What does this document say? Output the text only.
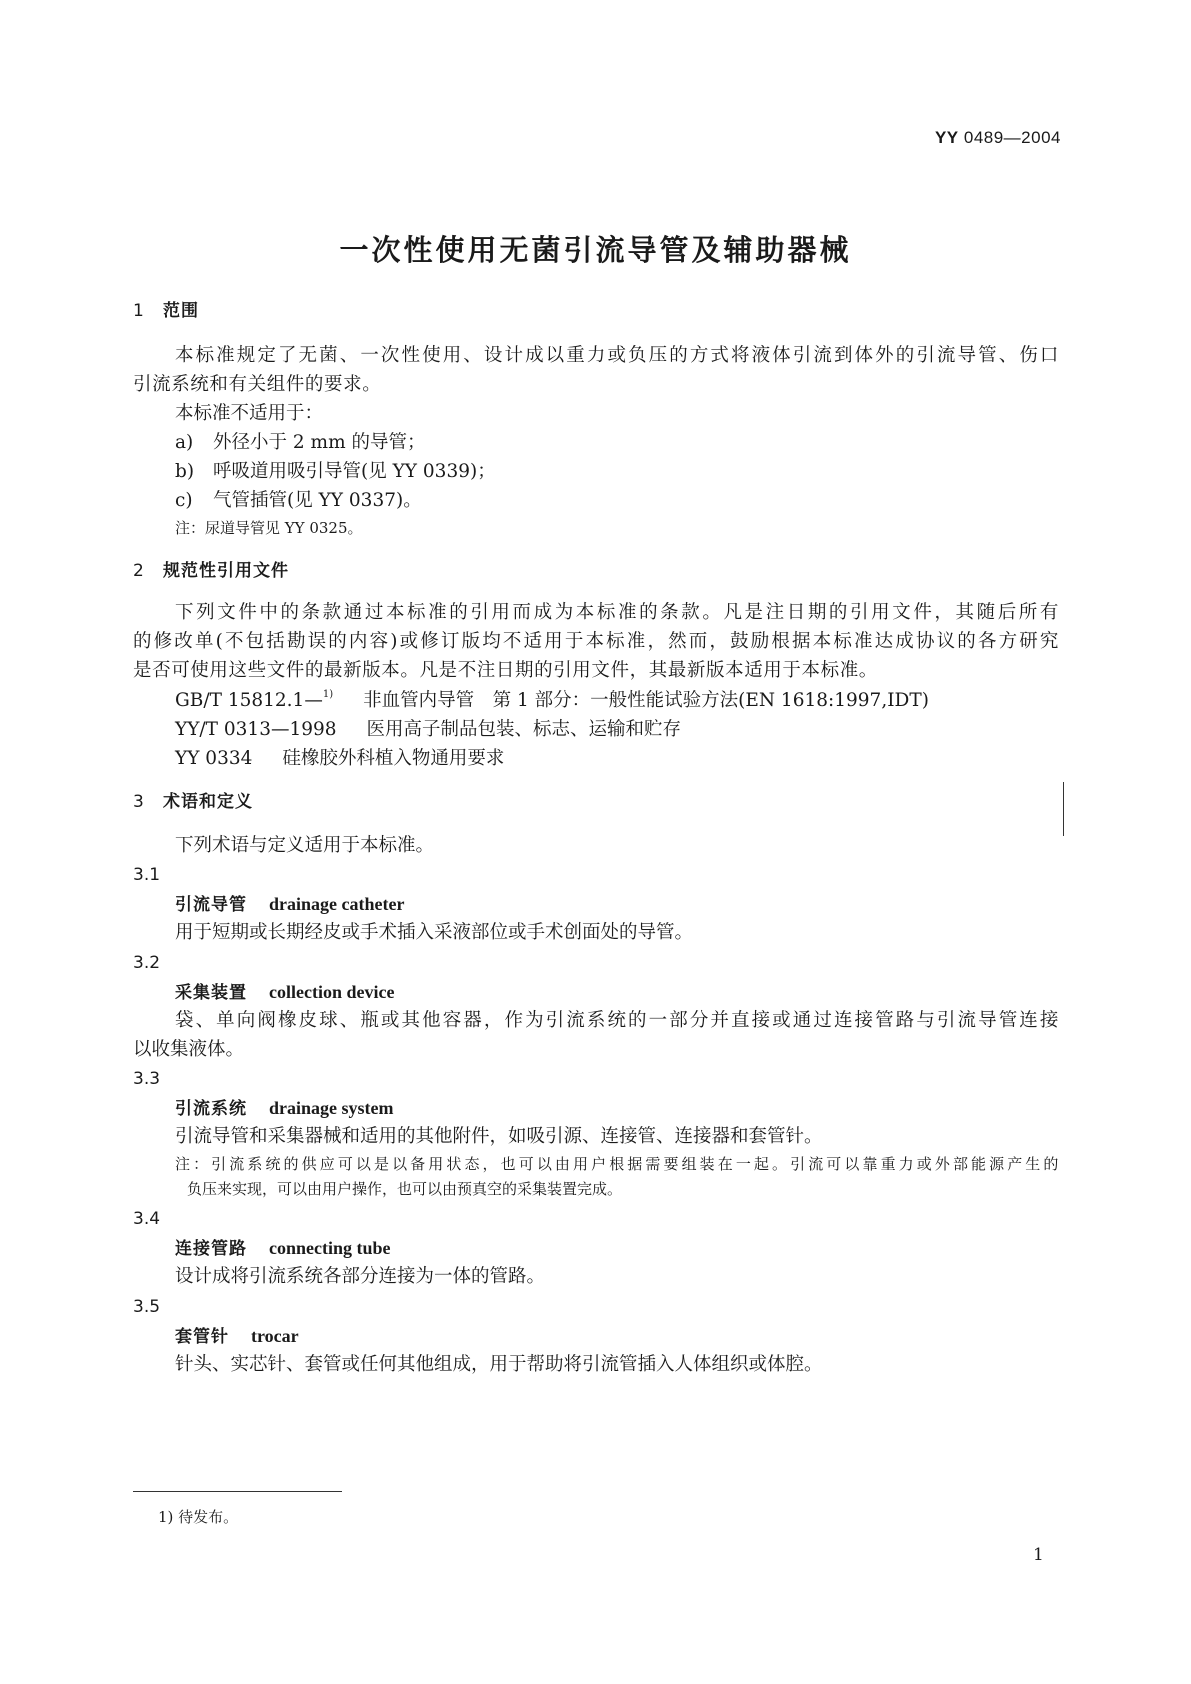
YY 0489—2004
一次性使用无菌引流导管及辅助器械
1 范围
本标准规定了无菌、一次性使用、设计成以重力或负压的方式将液体引流到体外的引流导管、伤口
引流系统和有关组件的要求。
本标准不适用于：
a) 外径小于 2 mm 的导管；
b) 呼吸道用吸引导管(见 YY 0339)；
c) 气管插管(见 YY 0337)。
注：尿道导管见 YY 0325。
2 规范性引用文件
下列文件中的条款通过本标准的引用而成为本标准的条款。凡是注日期的引用文件，其随后所有
的修改单(不包括勘误的内容)或修订版均不适用于本标准，然而，鼓励根据本标准达成协议的各方研究
是否可使用这些文件的最新版本。凡是不注日期的引用文件，其最新版本适用于本标准。
GB/T 15812.1—$^{1)}$ 非血管内导管　第 1 部分：一般性能试验方法(EN 1618:1997,IDT)
YY/T 0313—1998 医用高子制品包装、标志、运输和贮存
YY 0334 硅橡胶外科植入物通用要求
3 术语和定义
下列术语与定义适用于本标准。
3.1
引流导管 drainage catheter
用于短期或长期经皮或手术插入采液部位或手术创面处的导管。
3.2
采集装置 collection device
袋、单向阀橡皮球、瓶或其他容器，作为引流系统的一部分并直接或通过连接管路与引流导管连接
以收集液体。
3.3
引流系统 drainage system
引流导管和采集器械和适用的其他附件，如吸引源、连接管、连接器和套管针。
注：引流系统的供应可以是以备用状态，也可以由用户根据需要组装在一起。引流可以靠重力或外部能源产生的
负压来实现，可以由用户操作，也可以由预真空的采集装置完成。
3.4
连接管路 connecting tube
设计成将引流系统各部分连接为一体的管路。
3.5
套管针 trocar
针头、实芯针、套管或任何其他组成，用于帮助将引流管插入人体组织或体腔。
1) 待发布。
1
